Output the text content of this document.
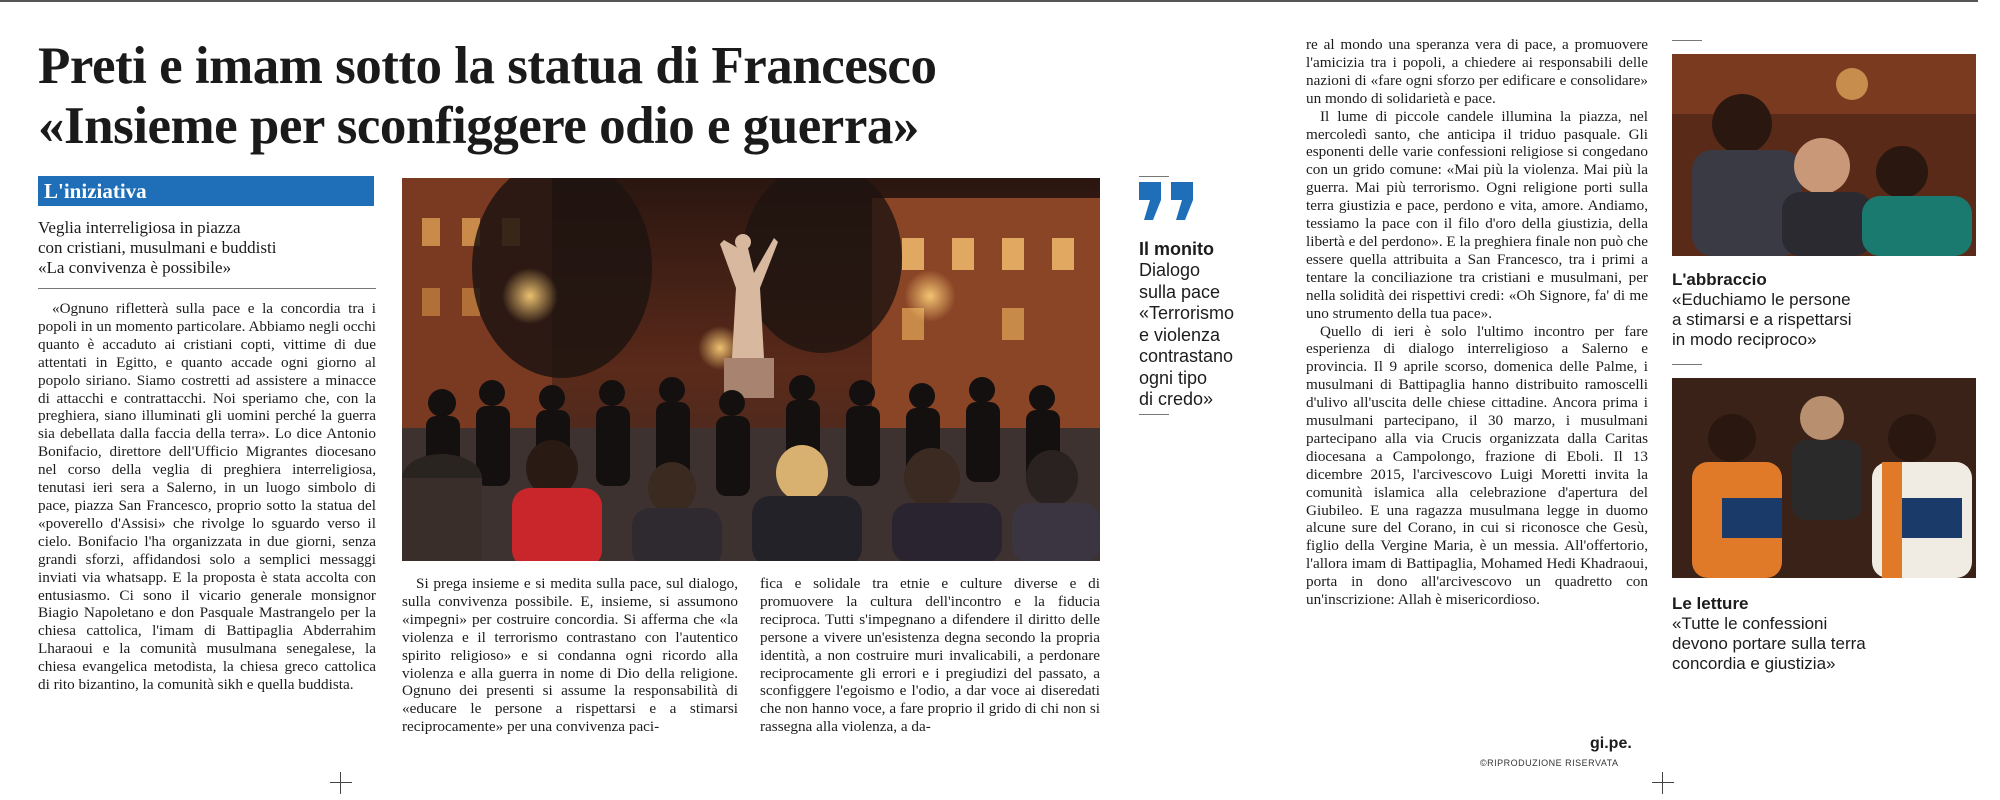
Preti e imam sotto la statua di Francesco
«Insieme per sconfiggere odio e guerra»
L'iniziativa
Veglia interreligiosa in piazza
con cristiani, musulmani e buddisti
«La convivenza è possibile»

«Ognuno rifletterà sulla pace e la concordia tra i popoli in un momento particolare. Abbiamo negli occhi quanto è accaduto ai cristiani copti, vittime di due attentati in Egitto, e quanto accade ogni giorno al popolo siriano. Siamo costretti ad assistere a minacce di attacchi e contrattacchi. Noi speriamo che, con la preghiera, siano illuminati gli uomini perché la guerra sia debellata dalla faccia della terra». Lo dice Antonio Bonifacio, direttore dell'Ufficio Migrantes diocesano nel corso della veglia di preghiera interreligiosa, tenutasi ieri sera a Salerno, in un luogo simbolo di pace, piazza San Francesco, proprio sotto la statua del «poverello d'Assisi» che rivolge lo sguardo verso il cielo. Bonifacio l'ha organizzata in due giorni, senza grandi sforzi, affidandosi solo a semplici messaggi inviati via whatsapp. E la proposta è stata accolta con entusiasmo. Ci sono il vicario generale monsignor Biagio Napoletano e don Pasquale Mastrangelo per la chiesa cattolica, l'imam di Battipaglia Abderrahim Lharaoui e la comunità musulmana senegalese, la chiesa evangelica metodista, la chiesa greco cattolica di rito bizantino, la comunità sikh e quella buddista.

Si prega insieme e si medita sulla pace, sul dialogo, sulla convivenza possibile. E, insieme, si assumono «impegni» per costruire concordia. Si afferma che «la violenza e il terrorismo contrastano con l'autentico spirito religioso» e si condanna ogni ricordo alla violenza e alla guerra in nome di Dio della religione. Ognuno dei presenti si assume la responsabilità di «educare le persone a rispettarsi e a stimarsi reciprocamente» per una convivenza paci-

fica e solidale tra etnie e culture diverse e di promuovere la cultura dell'incontro e la fiducia reciproca. Tutti s'impegnano a difendere il diritto delle persone a vivere un'esistenza degna secondo la propria identità, a non costruire muri invalicabili, a perdonare reciprocamente gli errori e i pregiudizi del passato, a sconfiggere l'egoismo e l'odio, a dar voce ai diseredati che non hanno voce, a fare proprio il grido di chi non si rassegna alla violenza, a da-

Il monito
Dialogo
sulla pace
«Terrorismo
e violenza
contrastano
ogni tipo
di credo»

re al mondo una speranza vera di pace, a promuovere l'amicizia tra i popoli, a chiedere ai responsabili delle nazioni di «fare ogni sforzo per edificare e consolidare» un mondo di solidarietà e pace.

Il lume di piccole candele illumina la piazza, nel mercoledì santo, che anticipa il triduo pasquale. Gli esponenti delle varie confessioni religiose si congedano con un grido comune: «Mai più la violenza. Mai più la guerra. Mai più terrorismo. Ogni religione porti sulla terra giustizia e pace, perdono e vita, amore. Andiamo, tessiamo la pace con il filo d'oro della giustizia, della libertà e del perdono». E la preghiera finale non può che essere quella attribuita a San Francesco, tra i primi a tentare la conciliazione tra cristiani e musulmani, per nella solidità dei rispettivi credi: «Oh Signore, fa' di me uno strumento della tua pace».

Quello di ieri è solo l'ultimo incontro per fare esperienza di dialogo interreligioso a Salerno e provincia. Il 9 aprile scorso, domenica delle Palme, i musulmani di Battipaglia hanno distribuito ramoscelli d'ulivo all'uscita delle chiese cittadine. Ancora prima i musulmani partecipano, il 30 marzo, i musulmani partecipano alla via Crucis organizzata dalla Caritas diocesana a Campolongo, frazione di Eboli. Il 13 dicembre 2015, l'arcivescovo Luigi Moretti invita la comunità islamica alla celebrazione d'apertura del Giubileo. E una ragazza musulmana legge in duomo alcune sure del Corano, in cui si riconosce che Gesù, figlio della Vergine Maria, è un messia. All'offertorio, l'allora imam di Battipaglia, Mohamed Hedi Khadraoui, porta in dono all'arcivescovo un quadretto con un'inscrizione: Allah è misericordioso.

gi.pe.
©RIPRODUZIONE RISERVATA
L'abbraccio
«Educhiamo le persone
a stimarsi e a rispettarsi
in modo reciproco»
Le letture
«Tutte le confessioni
devono portare sulla terra
concordia e giustizia»
